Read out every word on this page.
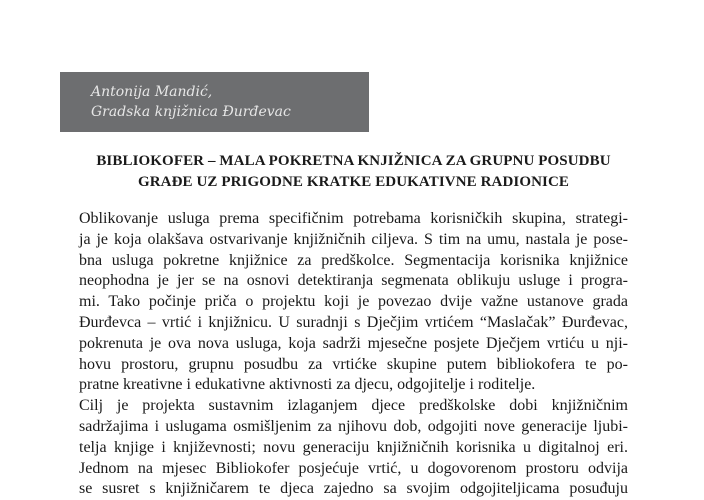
Antonija Mandić,
Gradska knjižnica Đurđevac
BIBLIOKOFER – MALA POKRETNA KNJIŽNICA ZA GRUPNU POSUDBU
GRAĐE UZ PRIGODNE KRATKE EDUKATIVNE RADIONICE
Oblikovanje usluga prema specifičnim potrebama korisničkih skupina, strategi-
ja je koja olakšava ostvarivanje knjižničnih ciljeva. S tim na umu, nastala je pose-
bna usluga pokretne knjižnice za predškolce. Segmentacija korisnika knjižnice
neophodna je jer se na osnovi detektiranja segmenata oblikuju usluge i progra-
mi. Tako počinje priča o projektu koji je povezao dvije važne ustanove grada
Đurđevca – vrtić i knjižnicu. U suradnji s Dječjim vrtićem “Maslačak” Đurđevac,
pokrenuta je ova nova usluga, koja sadrži mjesečne posjete Dječjem vrtiću u nji-
hovu prostoru, grupnu posudbu za vrtićke skupine putem bibliokofera te po-
pratne kreativne i edukativne aktivnosti za djecu, odgojitelje i roditelje.
Cilj je projekta sustavnim izlaganjem djece predškolske dobi knjižničnim
sadržajima i uslugama osmišljenim za njihovu dob, odgojiti nove generacije ljubi-
telja knjige i književnosti; novu generaciju knjižničnih korisnika u digitalnoj eri.
Jednom na mjesec Bibliokofer posjećuje vrtić, u dogovorenom prostoru odvija
se susret s knjižničarem te djeca zajedno sa svojim odgojiteljicama posuđuju
